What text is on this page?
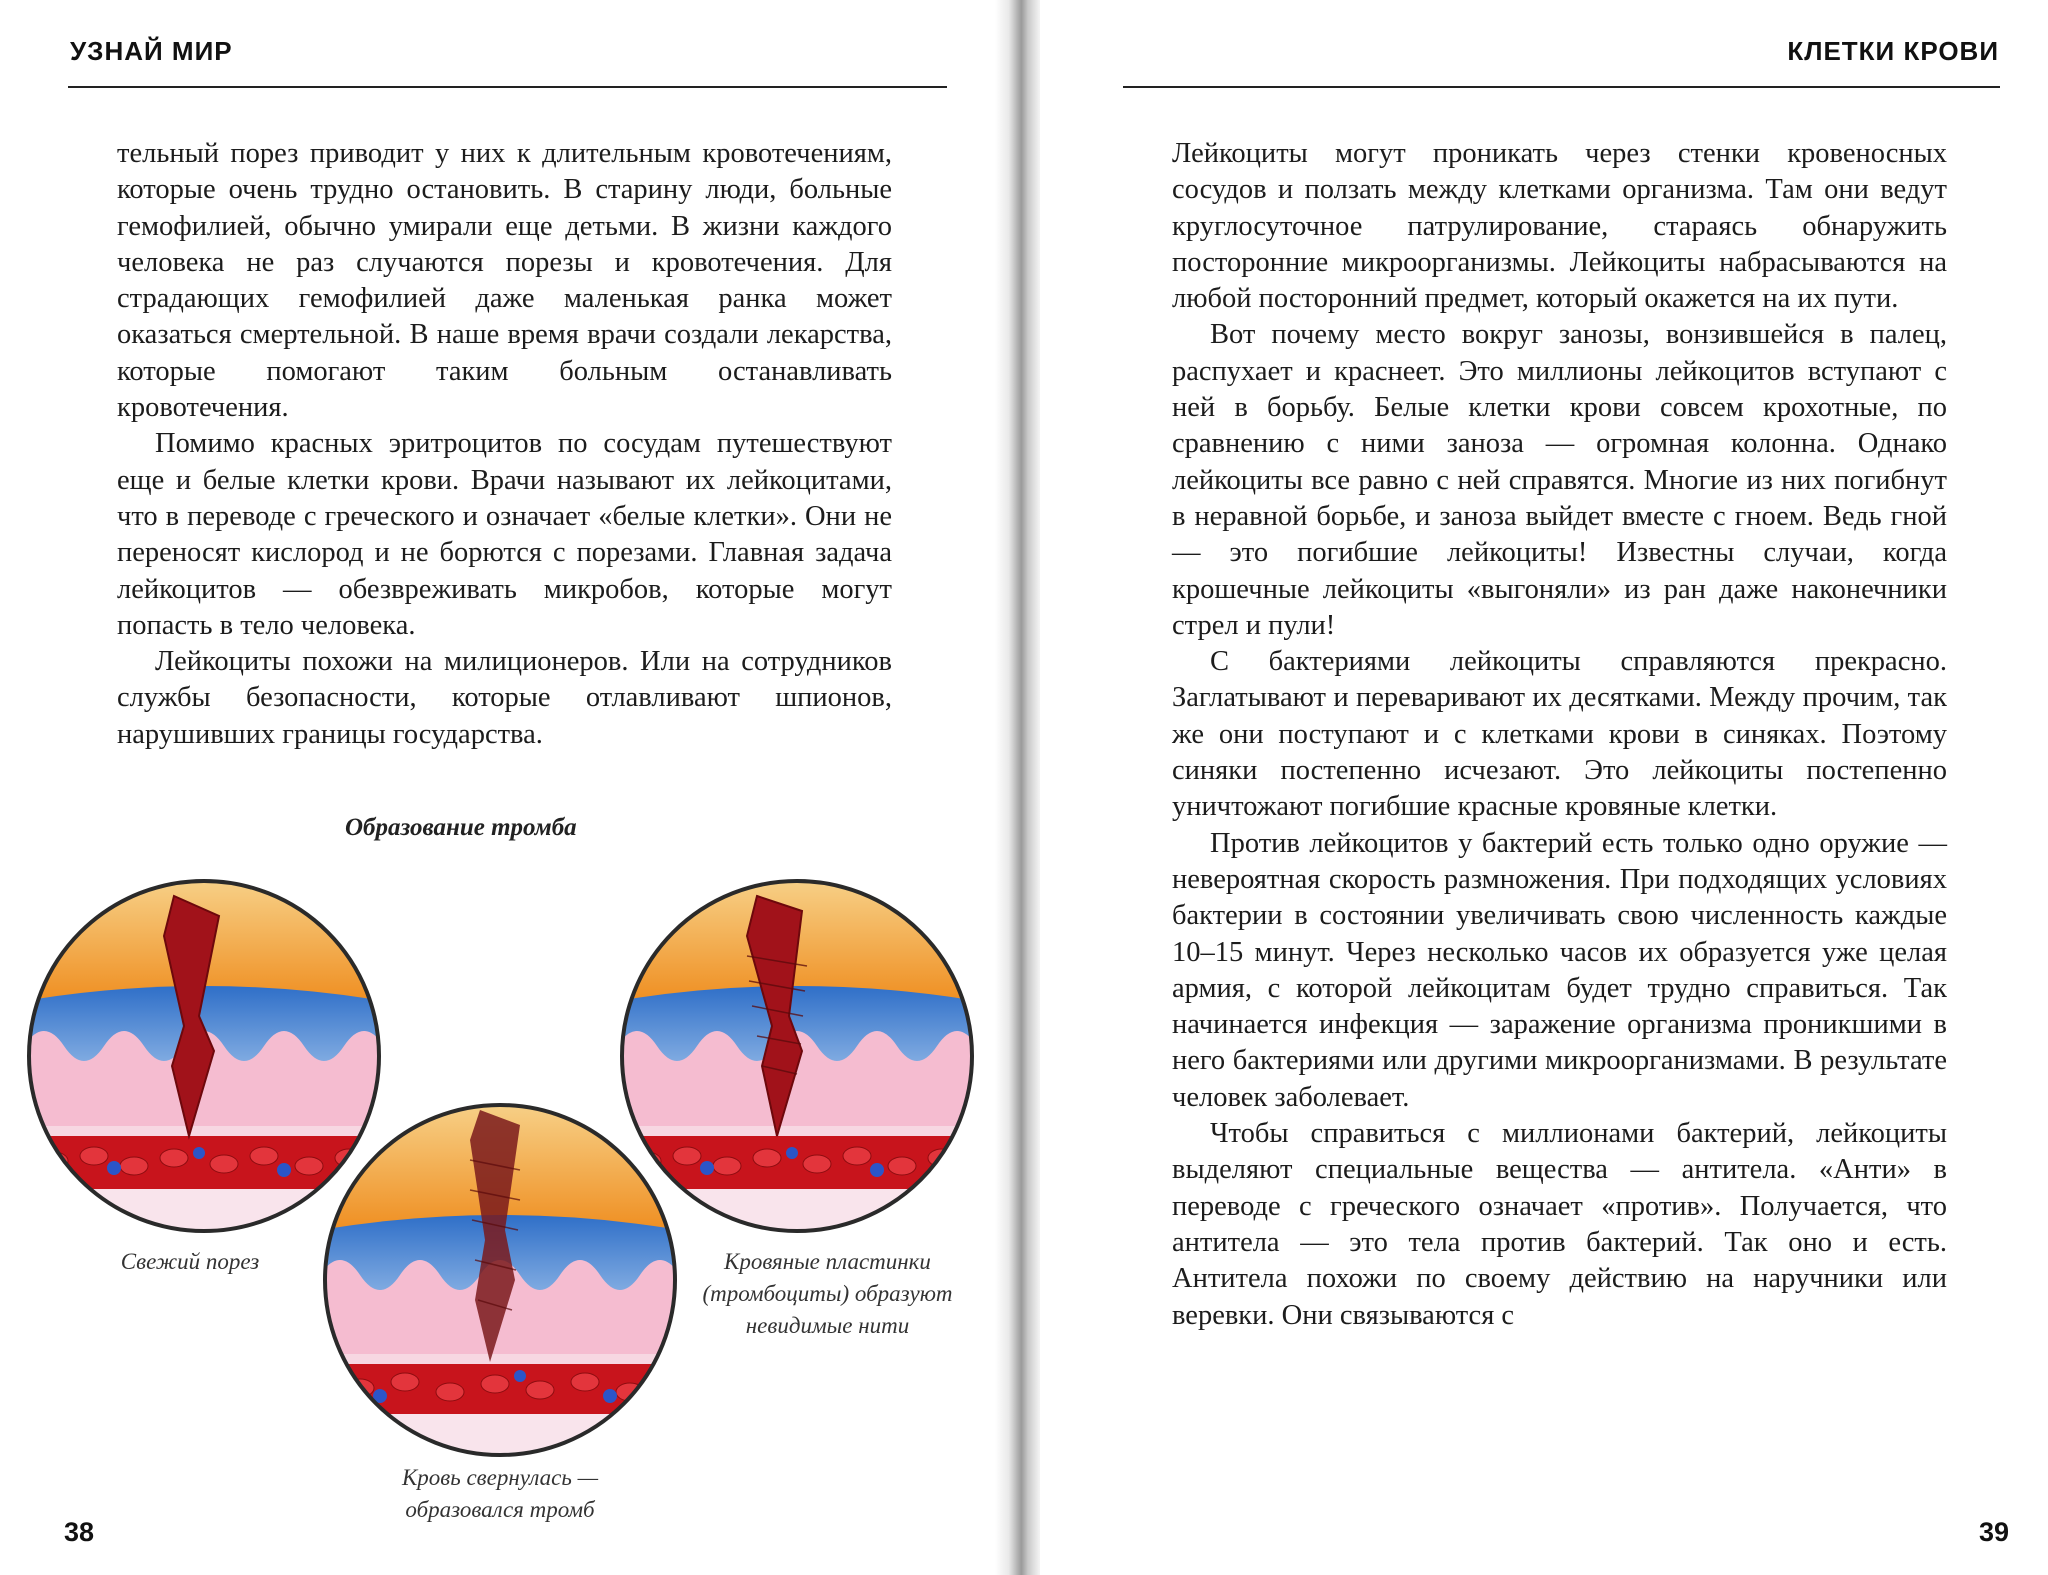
УЗНАЙ МИР

тельный порез приводит у них к длительным кровотечениям, которые очень трудно остановить. В старину люди, больные гемофилией, обычно умирали еще детьми. В жизни каждого человека не раз случаются порезы и кровотечения. Для страдающих гемофилией даже маленькая ранка может оказаться смертельной. В наше время врачи создали лекарства, которые помогают таким больным останавливать кровотечения.

Помимо красных эритроцитов по сосудам путешествуют еще и белые клетки крови. Врачи называют их лейкоцитами, что в переводе с греческого и означает «белые клетки». Они не переносят кислород и не борются с порезами. Главная задача лейкоцитов — обезвреживать микробов, которые могут попасть в тело человека.

Лейкоциты похожи на милиционеров. Или на сотрудников службы безопасности, которые отлавливают шпионов, нарушивших границы государства.

Образование тромба
Свежий порез	Кровяные пластинки (тромбоциты) образуют невидимые нити
Кровь свернулась — образовался тромб
38
КЛЕТКИ КРОВИ

Лейкоциты могут проникать через стенки кровеносных сосудов и ползать между клетками организма. Там они ведут круглосуточное патрулирование, стараясь обнаружить посторонние микроорганизмы. Лейкоциты набрасываются на любой посторонний предмет, который окажется на их пути.

Вот почему место вокруг занозы, вонзившейся в палец, распухает и краснеет. Это миллионы лейкоцитов вступают с ней в борьбу. Белые клетки крови совсем крохотные, по сравнению с ними заноза — огромная колонна. Однако лейкоциты все равно с ней справятся. Многие из них погибнут в неравной борьбе, и заноза выйдет вместе с гноем. Ведь гной — это погибшие лейкоциты! Известны случаи, когда крошечные лейкоциты «выгоняли» из ран даже наконечники стрел и пули!

С бактериями лейкоциты справляются прекрасно. Заглатывают и переваривают их десятками. Между прочим, так же они поступают и с клетками крови в синяках. Поэтому синяки постепенно исчезают. Это лейкоциты постепенно уничтожают погибшие красные кровяные клетки.

Против лейкоцитов у бактерий есть только одно оружие — невероятная скорость размножения. При подходящих условиях бактерии в состоянии увеличивать свою численность каждые 10–15 минут. Через несколько часов их образуется уже целая армия, с которой лейкоцитам будет трудно справиться. Так начинается инфекция — заражение организма проникшими в него бактериями или другими микроорганизмами. В результате человек заболевает.

Чтобы справиться с миллионами бактерий, лейкоциты выделяют специальные вещества — антитела. «Анти» в переводе с греческого означает «против». Получается, что антитела — это тела против бактерий. Так оно и есть. Антитела похожи по своему действию на наручники или веревки. Они связываются с

39
